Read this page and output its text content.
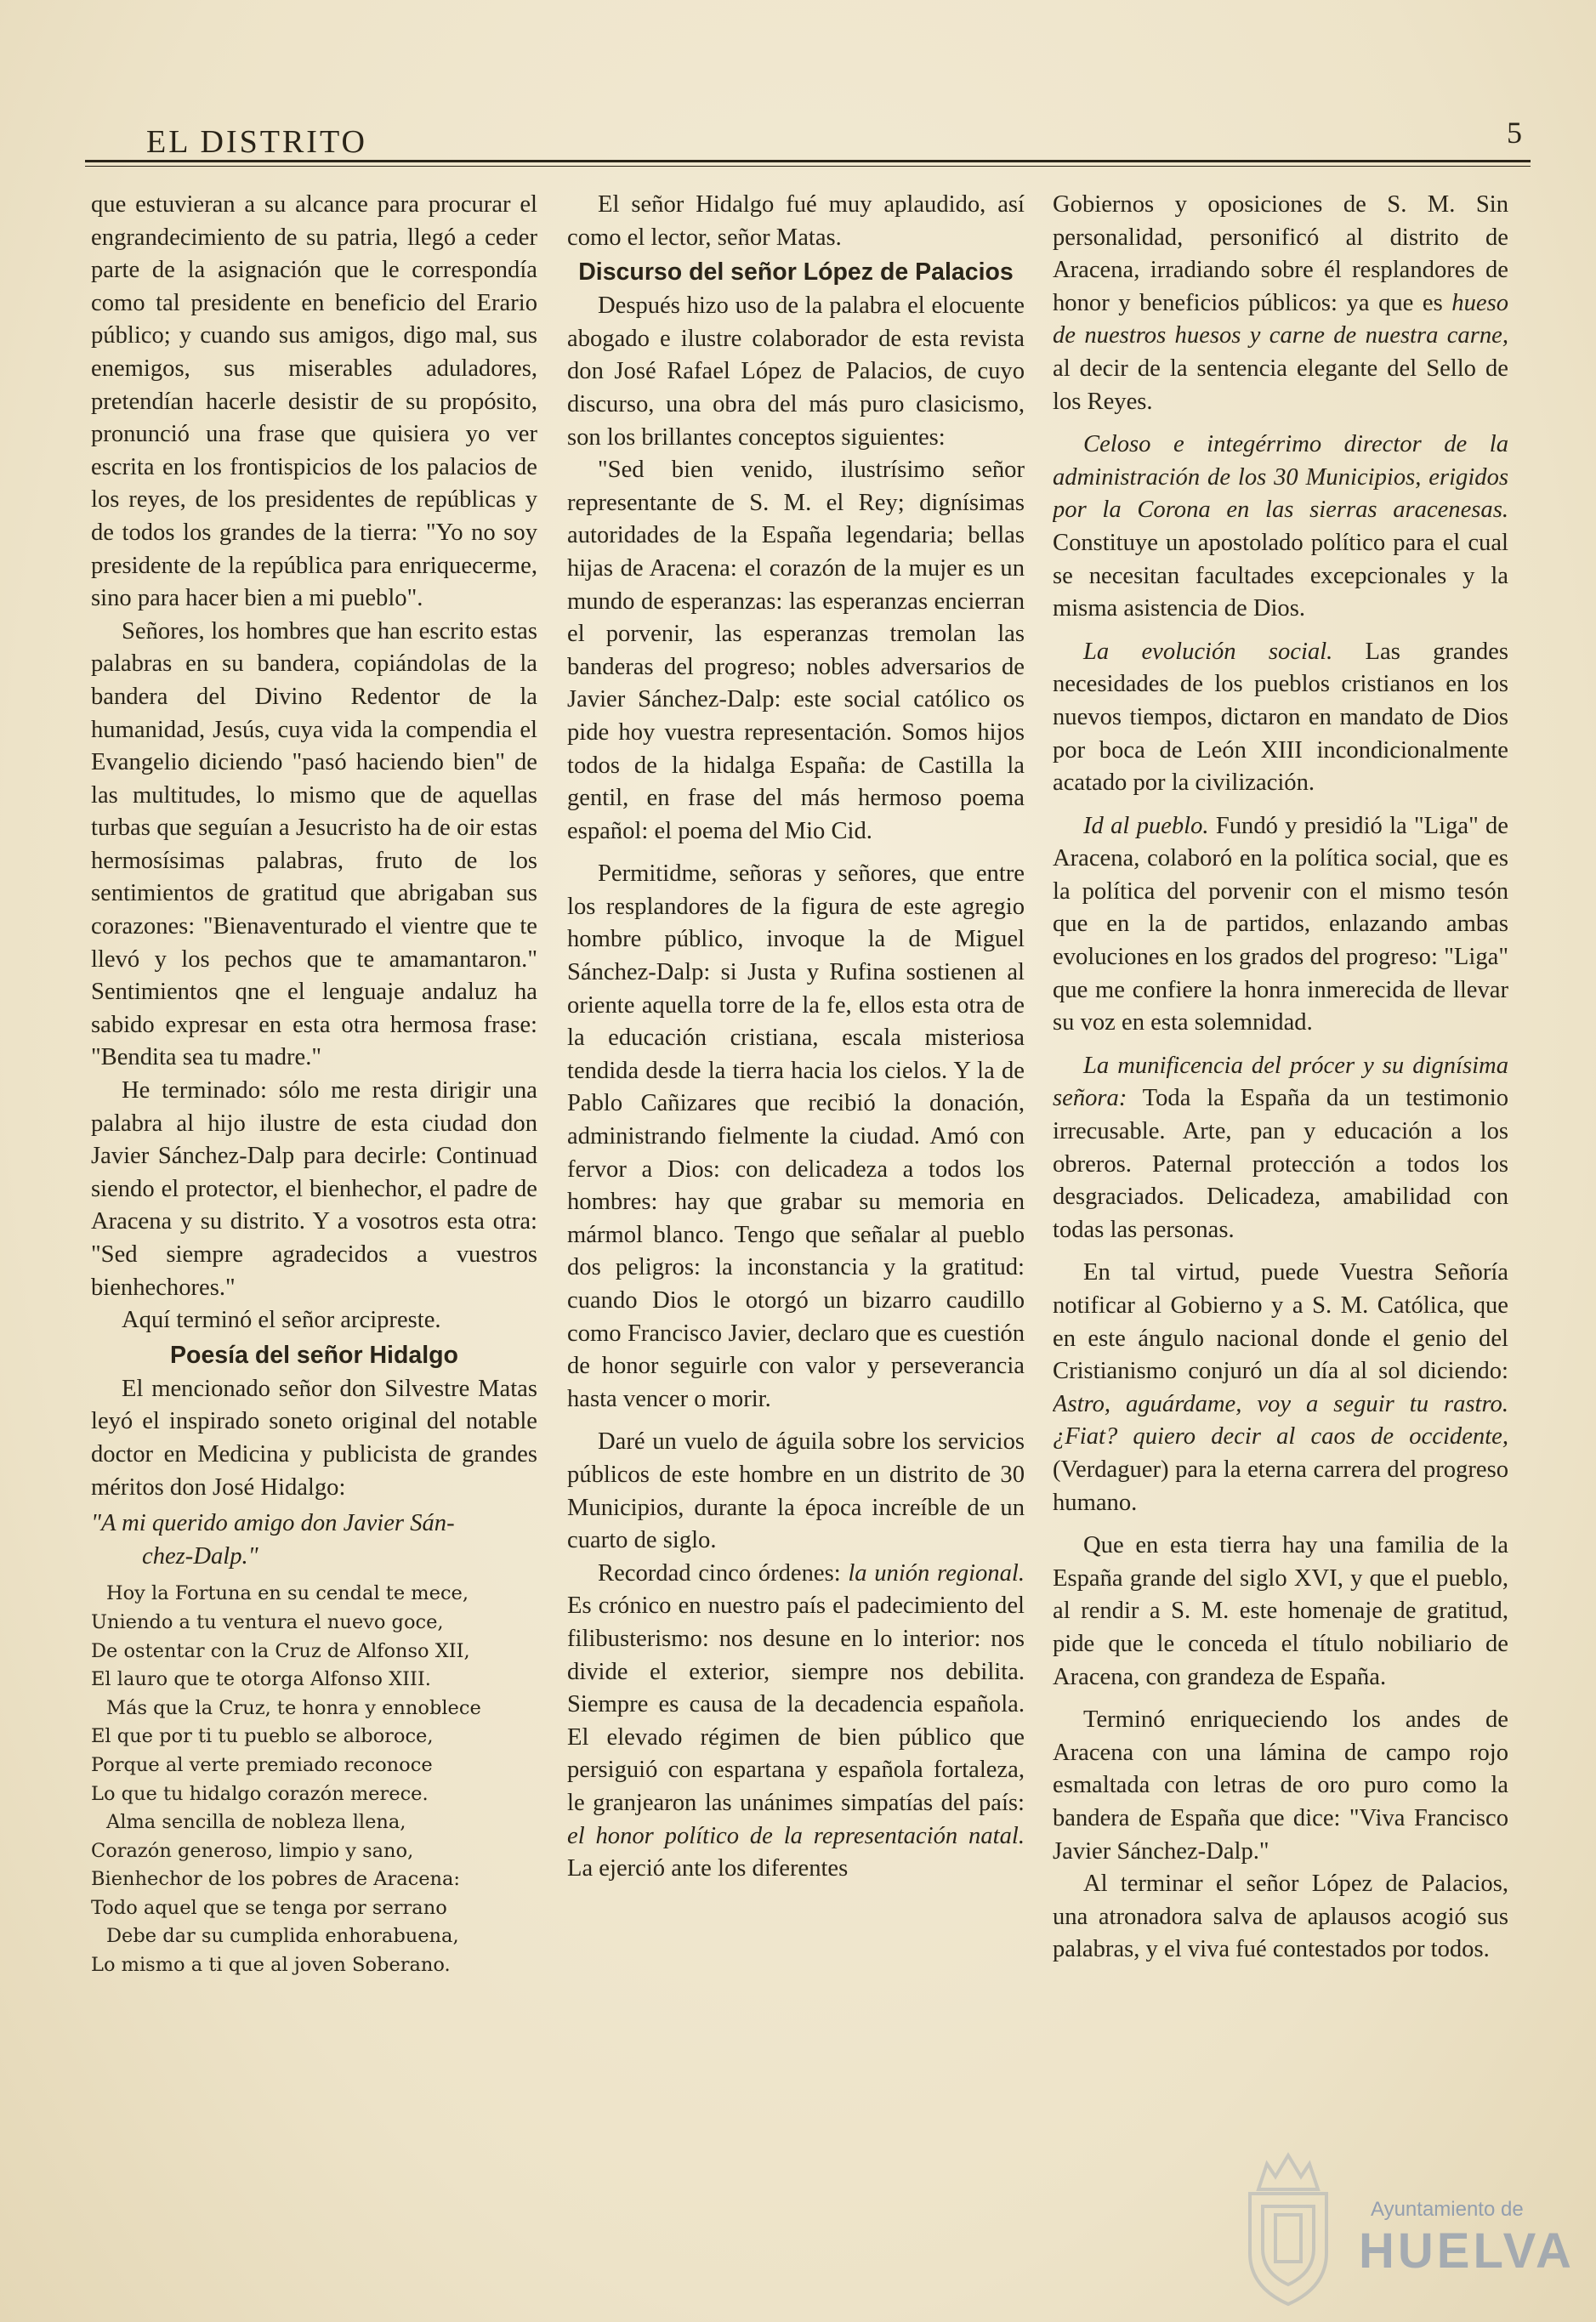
EL DISTRITO	5

que estuvieran a su alcance para procurar el engrandecimiento de su patria, llegó a ceder parte de la asignación que le correspondía como tal presidente en beneficio del Erario público; y cuando sus amigos, digo mal, sus enemigos, sus miserables aduladores, pretendían hacerle desistir de su propósito, pronunció una frase que quisiera yo ver escrita en los frontispicios de los palacios de los reyes, de los presidentes de repúblicas y de todos los grandes de la tierra: "Yo no soy presidente de la república para enriquecerme, sino para hacer bien a mi pueblo".

Señores, los hombres que han escrito estas palabras en su bandera, copiándolas de la bandera del Divino Redentor de la humanidad, Jesús, cuya vida la compendia el Evangelio diciendo "pasó haciendo bien" de las multitudes, lo mismo que de aquellas turbas que seguían a Jesucristo ha de oir estas hermosísimas palabras, fruto de los sentimientos de gratitud que abrigaban sus corazones: "Bienaventurado el vientre que te llevó y los pechos que te amamantaron." Sentimientos qne el lenguaje andaluz ha sabido expresar en esta otra hermosa frase: "Bendita sea tu madre."

He terminado: sólo me resta dirigir una palabra al hijo ilustre de esta ciudad don Javier Sánchez-Dalp para decirle: Continuad siendo el protector, el bienhechor, el padre de Aracena y su distrito. Y a vosotros esta otra: "Sed siempre agradecidos a vuestros bienhechores."

Aquí terminó el señor arcipreste.

Poesía del señor Hidalgo

El mencionado señor don Silvestre Matas leyó el inspirado soneto original del notable doctor en Medicina y publicista de grandes méritos don José Hidalgo:

"A mi querido amigo don Javier Sán-
chez-Dalp."
Hoy la Fortuna en su cendal te mece,
Uniendo a tu ventura el nuevo goce,
De ostentar con la Cruz de Alfonso XII,
El lauro que te otorga Alfonso XIII.
Más que la Cruz, te honra y ennoblece
El que por ti tu pueblo se alboroce,
Porque al verte premiado reconoce
Lo que tu hidalgo corazón merece.
Alma sencilla de nobleza llena,
Corazón generoso, limpio y sano,
Bienhechor de los pobres de Aracena:
Todo aquel que se tenga por serrano
Debe dar su cumplida enhorabuena,
Lo mismo a ti que al joven Soberano.

El señor Hidalgo fué muy aplaudido, así como el lector, señor Matas.

Discurso del señor López de Palacios

Después hizo uso de la palabra el elocuente abogado e ilustre colaborador de esta revista don José Rafael López de Palacios, de cuyo discurso, una obra del más puro clasicismo, son los brillantes conceptos siguientes:

"Sed bien venido, ilustrísimo señor representante de S. M. el Rey; dignísimas autoridades de la España legendaria; bellas hijas de Aracena: el corazón de la mujer es un mundo de esperanzas: las esperanzas encierran el porvenir, las esperanzas tremolan las banderas del progreso; nobles adversarios de Javier Sánchez-Dalp: este social católico os pide hoy vuestra representación. Somos hijos todos de la hidalga España: de Castilla la gentil, en frase del más hermoso poema español: el poema del Mio Cid.

Permitidme, señoras y señores, que entre los resplandores de la figura de este agregio hombre público, invoque la de Miguel Sánchez-Dalp: si Justa y Rufina sostienen al oriente aquella torre de la fe, ellos esta otra de la educación cristiana, escala misteriosa tendida desde la tierra hacia los cielos. Y la de Pablo Cañizares que recibió la donación, administrando fielmente la ciudad. Amó con fervor a Dios: con delicadeza a todos los hombres: hay que grabar su memoria en mármol blanco. Tengo que señalar al pueblo dos peligros: la inconstancia y la gratitud: cuando Dios le otorgó un bizarro caudillo como Francisco Javier, declaro que es cuestión de honor seguirle con valor y perseverancia hasta vencer o morir.

Daré un vuelo de águila sobre los servicios públicos de este hombre en un distrito de 30 Municipios, durante la época increíble de un cuarto de siglo.

Recordad cinco órdenes: la unión regional. Es crónico en nuestro país el padecimiento del filibusterismo: nos desune en lo interior: nos divide el exterior, siempre nos debilita. Siempre es causa de la decadencia española. El elevado régimen de bien público que persiguió con espartana y española fortaleza, le granjearon las unánimes simpatías del país: el honor político de la representación natal. La ejerció ante los diferentes

Gobiernos y oposiciones de S. M. Sin personalidad, personificó al distrito de Aracena, irradiando sobre él resplandores de honor y beneficios públicos: ya que es hueso de nuestros huesos y carne de nuestra carne, al decir de la sentencia elegante del Sello de los Reyes.

Celoso e integérrimo director de la administración de los 30 Municipios, erigidos por la Corona en las sierras aracenesas. Constituye un apostolado político para el cual se necesitan facultades excepcionales y la misma asistencia de Dios.

La evolución social. Las grandes necesidades de los pueblos cristianos en los nuevos tiempos, dictaron en mandato de Dios por boca de León XIII incondicionalmente acatado por la civilización.

Id al pueblo. Fundó y presidió la "Liga" de Aracena, colaboró en la política social, que es la política del porvenir con el mismo tesón que en la de partidos, enlazando ambas evoluciones en los grados del progreso: "Liga" que me confiere la honra inmerecida de llevar su voz en esta solemnidad.

La munificencia del prócer y su dignísima señora: Toda la España da un testimonio irrecusable. Arte, pan y educación a los obreros. Paternal protección a todos los desgraciados. Delicadeza, amabilidad con todas las personas.

En tal virtud, puede Vuestra Señoría notificar al Gobierno y a S. M. Católica, que en este ángulo nacional donde el genio del Cristianismo conjuró un día al sol diciendo: Astro, aguárdame, voy a seguir tu rastro. ¿Fiat? quiero decir al caos de occidente, (Verdaguer) para la eterna carrera del progreso humano.

Que en esta tierra hay una familia de la España grande del siglo XVI, y que el pueblo, al rendir a S. M. este homenaje de gratitud, pide que le conceda el título nobiliario de Aracena, con grandeza de España.

Terminó enriqueciendo los andes de Aracena con una lámina de campo rojo esmaltada con letras de oro puro como la bandera de España que dice: "Viva Francisco Javier Sánchez-Dalp."

Al terminar el señor López de Palacios, una atronadora salva de aplausos acogió sus palabras, y el viva fué contestados por todos.

Ayuntamiento de
HUELVA
